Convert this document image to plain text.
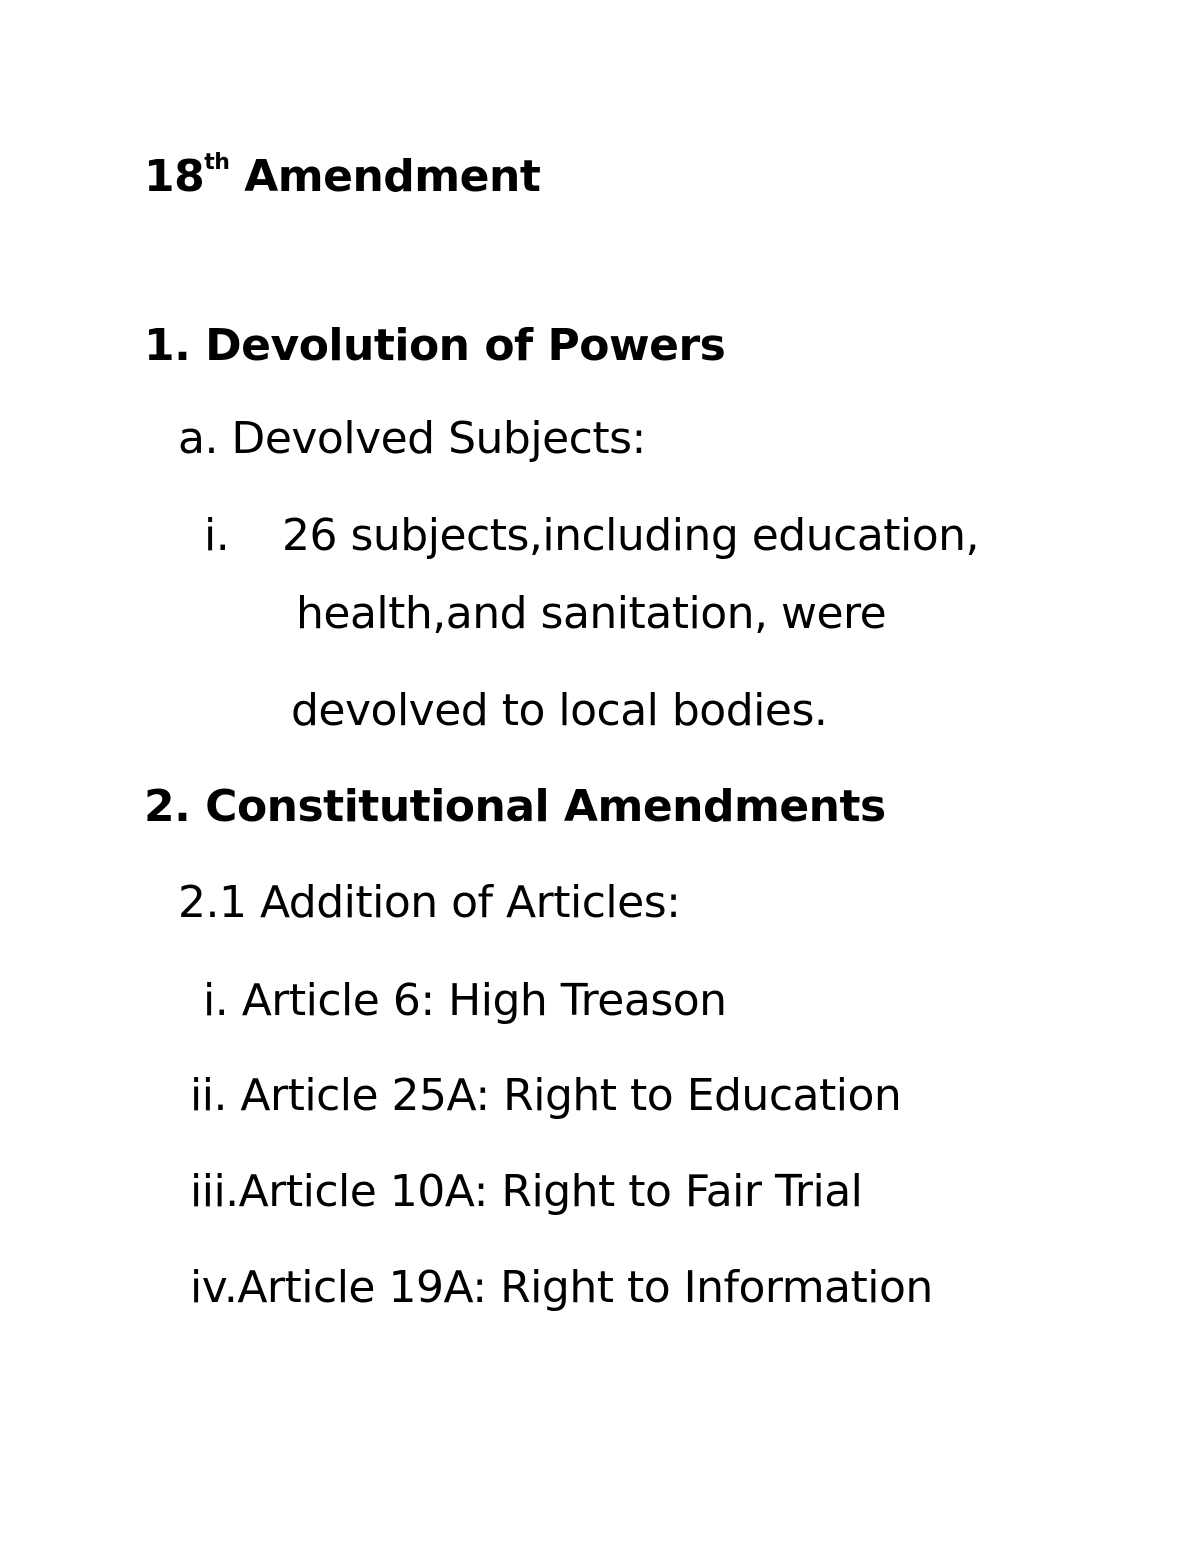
18th Amendment
1. Devolution of Powers
a. Devolved Subjects:
i. 26 subjects,including education,
health,and sanitation, were
devolved to local bodies.
2. Constitutional Amendments
2.1 Addition of Articles:
i. Article 6: High Treason
ii. Article 25A: Right to Education
iii.Article 10A: Right to Fair Trial
iv.Article 19A: Right to Information
